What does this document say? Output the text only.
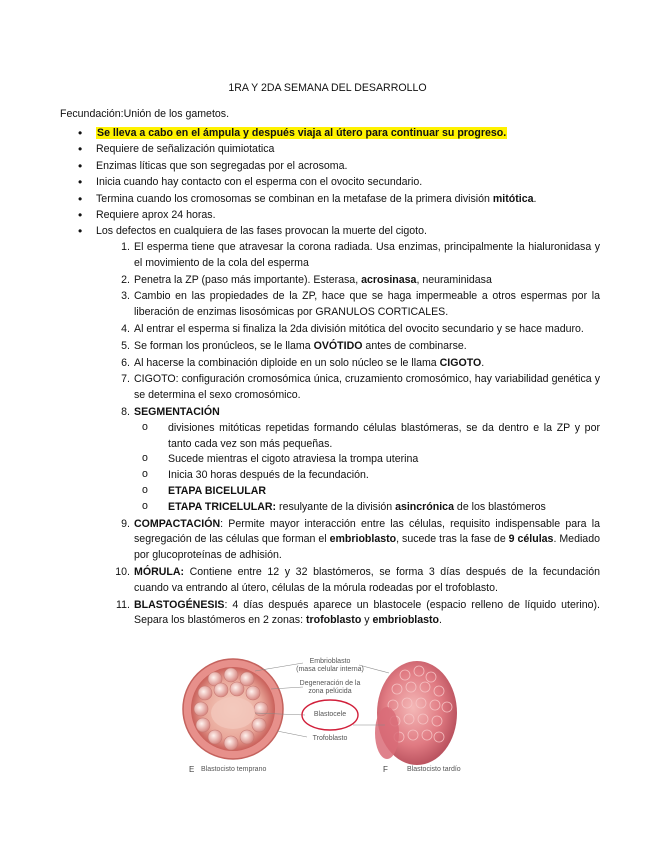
1RA Y 2DA SEMANA DEL DESARROLLO
Fecundación:Unión de los gametos.
• Se lleva a cabo en el ámpula y después viaja al útero para continuar su progreso.
• Requiere de señalización quimiotatica
• Enzimas líticas que son segregadas por el acrosoma.
• Inicia cuando hay contacto con el esperma con el ovocito secundario.
• Termina cuando los cromosomas se combinan en la metafase de la primera división mitótica.
• Requiere aprox 24 horas.
• Los defectos en cualquiera de las fases provocan la muerte del cigoto.
1. El esperma tiene que atravesar la corona radiada. Usa enzimas, principalmente la hialuronidasa y el movimiento de la cola del esperma
2. Penetra la ZP (paso más importante). Esterasa, acrosinasa, neuraminidasa
3. Cambio en las propiedades de la ZP, hace que se haga impermeable a otros espermas por la liberación de enzimas lisosómicas por GRANULOS CORTICALES.
4. Al entrar el esperma si finaliza la 2da división mitótica del ovocito secundario y se hace maduro.
5. Se forman los pronúcleos, se le llama OVÓTIDO antes de combinarse.
6. Al hacerse la combinación diploide en un solo núcleo se le llama CIGOTO.
7. CIGOTO: configuración cromosómica única, cruzamiento cromosómico, hay variabilidad genética y se determina el sexo cromosómico.
8. SEGMENTACIÓN
o divisiones mitóticas repetidas formando células blastómeras, se da dentro e la ZP y por tanto cada vez son más pequeñas.
o Sucede mientras el cigoto atraviesa la trompa uterina
o Inicia 30 horas después de la fecundación.
o ETAPA BICELULAR
o ETAPA TRICELULAR: resulyante de la división asincrónica de los blastómeros
9. COMPACTACIÓN: Permite mayor interacción entre las células, requisito indispensable para la segregación de las células que forman el embrioblasto, sucede tras la fase de 9 células. Mediado por glucoproteínas de adhisión.
10. MÓRULA: Contiene entre 12 y 32 blastómeros, se forma 3 días después de la fecundación cuando va entrando al útero, células de la mórula rodeadas por el trofoblasto.
11. BLASTOGÉNESIS: 4 días después aparece un blastocele (espacio relleno de líquido uterino). Separa los blastómeros en 2 zonas: trofoblasto y embrioblasto.
Embrioblasto
(masa celular interna)
Degeneración de la zona pelúcida
Blastocele
Trofoblasto
E Blastocisto temprano	F	Blastocisto tardío
